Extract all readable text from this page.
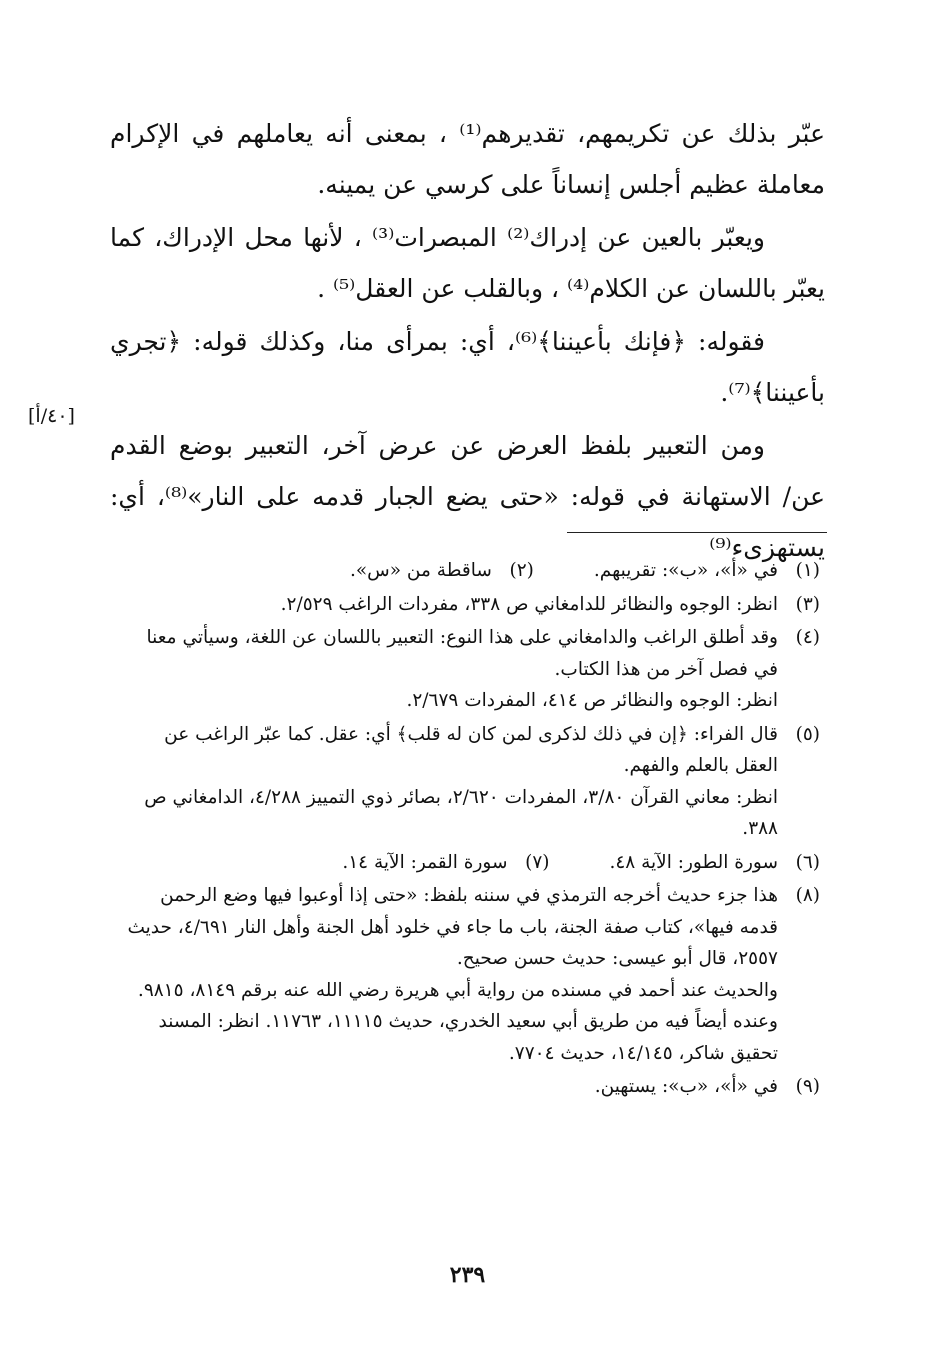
عبّر بذلك عن تكريمهم، تقديرهم⁽¹⁾ ، بمعنى أنه يعاملهم في الإكرام معاملة عظيم أجلس إنساناً على كرسي عن يمينه.

ويعبّر بالعين عن إدراك⁽²⁾ المبصرات⁽³⁾ ، لأنها محل الإدراك، كما يعبّر باللسان عن الكلام⁽⁴⁾ ، وبالقلب عن العقل⁽⁵⁾ .

فقوله: ﴿فإنك بأعيننا﴾⁽⁶⁾، أي: بمرأى منا، وكذلك قوله: ﴿تجري بأعيننا﴾⁽⁷⁾.

ومن التعبير بلفظ العرض عن عرض آخر، التعبير بوضع القدم عن/ الاستهانة في قوله: «حتى يضع الجبار قدمه على النار»⁽⁸⁾، أي: يستهزىء⁽⁹⁾

[٤٠/أ]
(١)
في «أ»، «ب»: تقريبهم.
(٢)
ساقطة من «س».
(٣)
انظر: الوجوه والنظائر للدامغاني ص ٣٣٨، مفردات الراغب ٢/٥٢٩.
(٤)
وقد أطلق الراغب والدامغاني على هذا النوع: التعبير باللسان عن اللغة، وسيأتي معنا في فصل آخر من هذا الكتاب.
انظر: الوجوه والنظائر ص ٤١٤، المفردات ٢/٦٧٩.
(٥)
قال الفراء: ﴿إن في ذلك لذكرى لمن كان له قلب﴾ أي: عقل. كما عبّر الراغب عن العقل بالعلم والفهم.
انظر: معاني القرآن ٣/٨٠، المفردات ٢/٦٢٠، بصائر ذوي التمييز ٤/٢٨٨، الدامغاني ص ٣٨٨.
(٦)
سورة الطور: الآية ٤٨.
(٧)
سورة القمر: الآية ١٤.
(٨)
هذا جزء حديث أخرجه الترمذي في سننه بلفظ: «حتى إذا أوعبوا فيها وضع الرحمن قدمه فيها»، كتاب صفة الجنة، باب ما جاء في خلود أهل الجنة وأهل النار ٤/٦٩١، حديث ٢٥٥٧، قال أبو عيسى: حديث حسن صحيح.
والحديث عند أحمد في مسنده من رواية أبي هريرة رضي الله عنه برقم ٨١٤٩، ٩٨١٥. وعنده أيضاً فيه من طريق أبي سعيد الخدري، حديث ١١١١٥، ١١٧٦٣. انظر: المسند تحقيق شاكر، ١٤/١٤٥، حديث ٧٧٠٤.
(٩)
في «أ»، «ب»: يستهين.
٢٣٩
